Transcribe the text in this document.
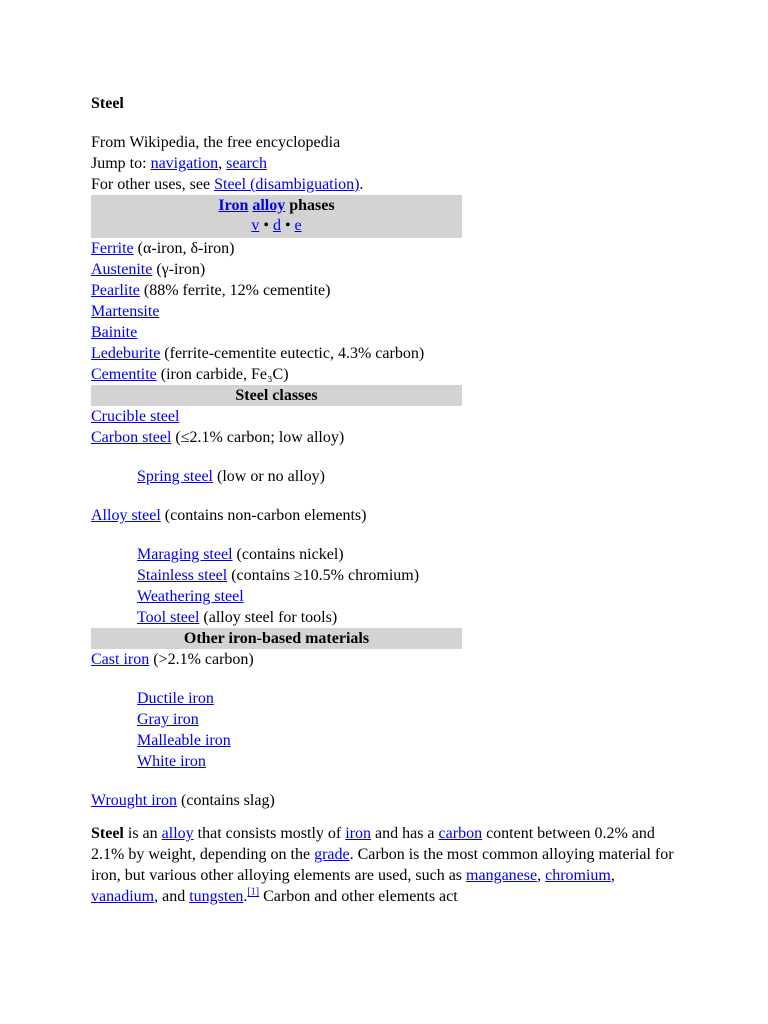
Steel
From Wikipedia, the free encyclopedia
Jump to: navigation, search
For other uses, see Steel (disambiguation).
Iron alloy phases
v • d • e
Ferrite (α-iron, δ-iron)
Austenite (γ-iron)
Pearlite (88% ferrite, 12% cementite)
Martensite
Bainite
Ledeburite (ferrite-cementite eutectic, 4.3% carbon)
Cementite (iron carbide, Fe₃C)
Steel classes
Crucible steel
Carbon steel (≤2.1% carbon; low alloy)
Spring steel (low or no alloy)
Alloy steel (contains non-carbon elements)
Maraging steel (contains nickel)
Stainless steel (contains ≥10.5% chromium)
Weathering steel
Tool steel (alloy steel for tools)
Other iron-based materials
Cast iron (>2.1% carbon)
Ductile iron
Gray iron
Malleable iron
White iron
Wrought iron (contains slag)
Steel is an alloy that consists mostly of iron and has a carbon content between 0.2% and 2.1% by weight, depending on the grade. Carbon is the most common alloying material for iron, but various other alloying elements are used, such as manganese, chromium, vanadium, and tungsten.[1] Carbon and other elements act
